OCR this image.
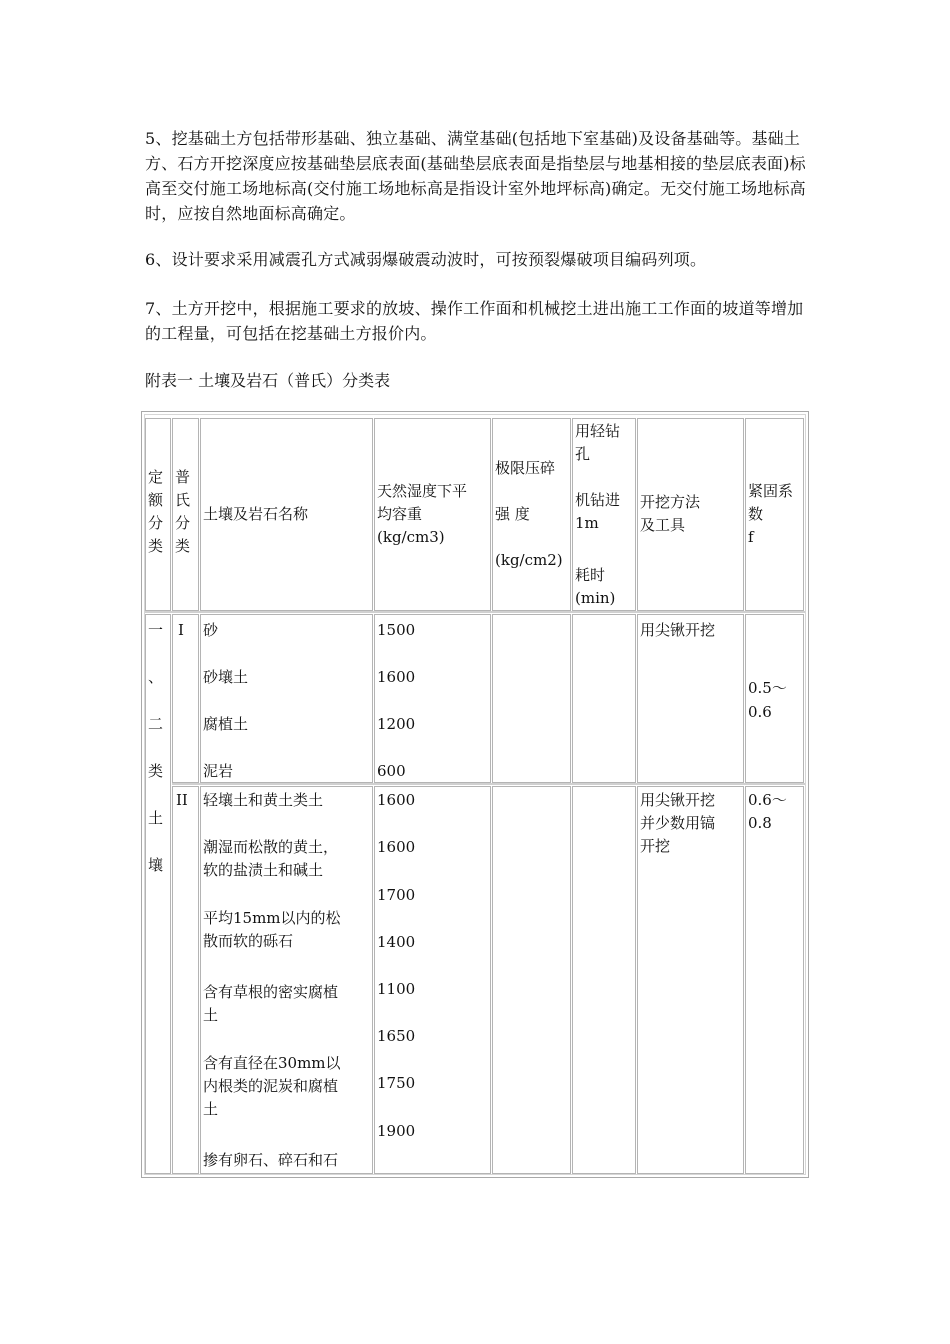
5、挖基础土方包括带形基础、独立基础、满堂基础(包括地下室基础)及设备基础等。基础土方、石方开挖深度应按基础垫层底表面(基础垫层底表面是指垫层与地基相接的垫层底表面)标高至交付施工场地标高(交付施工场地标高是指设计室外地坪标高)确定。无交付施工场地标高时，应按自然地面标高确定。

6、设计要求采用减震孔方式减弱爆破震动波时，可按预裂爆破项目编码列项。

7、土方开挖中，根据施工要求的放坡、操作工作面和机械挖土进出施工工作面的坡道等增加的工程量，可包括在挖基础土方报价内。

附表一 土壤及岩石（普氏）分类表

定
额
分
类
普
氏
分
类
土壤及岩石名称
天然湿度下平
均容重
(kg/cm3)
极限压碎
强 度
(kg/cm2)
用轻钻
孔
机钻进
1m
耗时
(min)
开挖方法
及工具
紧固系
数
f
一
、
二
类
土
壤
I 砂
砂壤土
腐植土
泥岩
1500
1600
1200
600
用尖锹开挖
0.5～
0.6
II 轻壤土和黄土类土
潮湿而松散的黄土，
软的盐渍土和碱土
平均15mm以内的松
散而软的砾石
含有草根的密实腐植
土
含有直径在30mm以
内根类的泥炭和腐植
土
掺有卵石、碎石和石
1600
1600
1700
1400
1100
1650
1750
1900
用尖锹开挖
并少数用镐
开挖
0.6～
0.8
